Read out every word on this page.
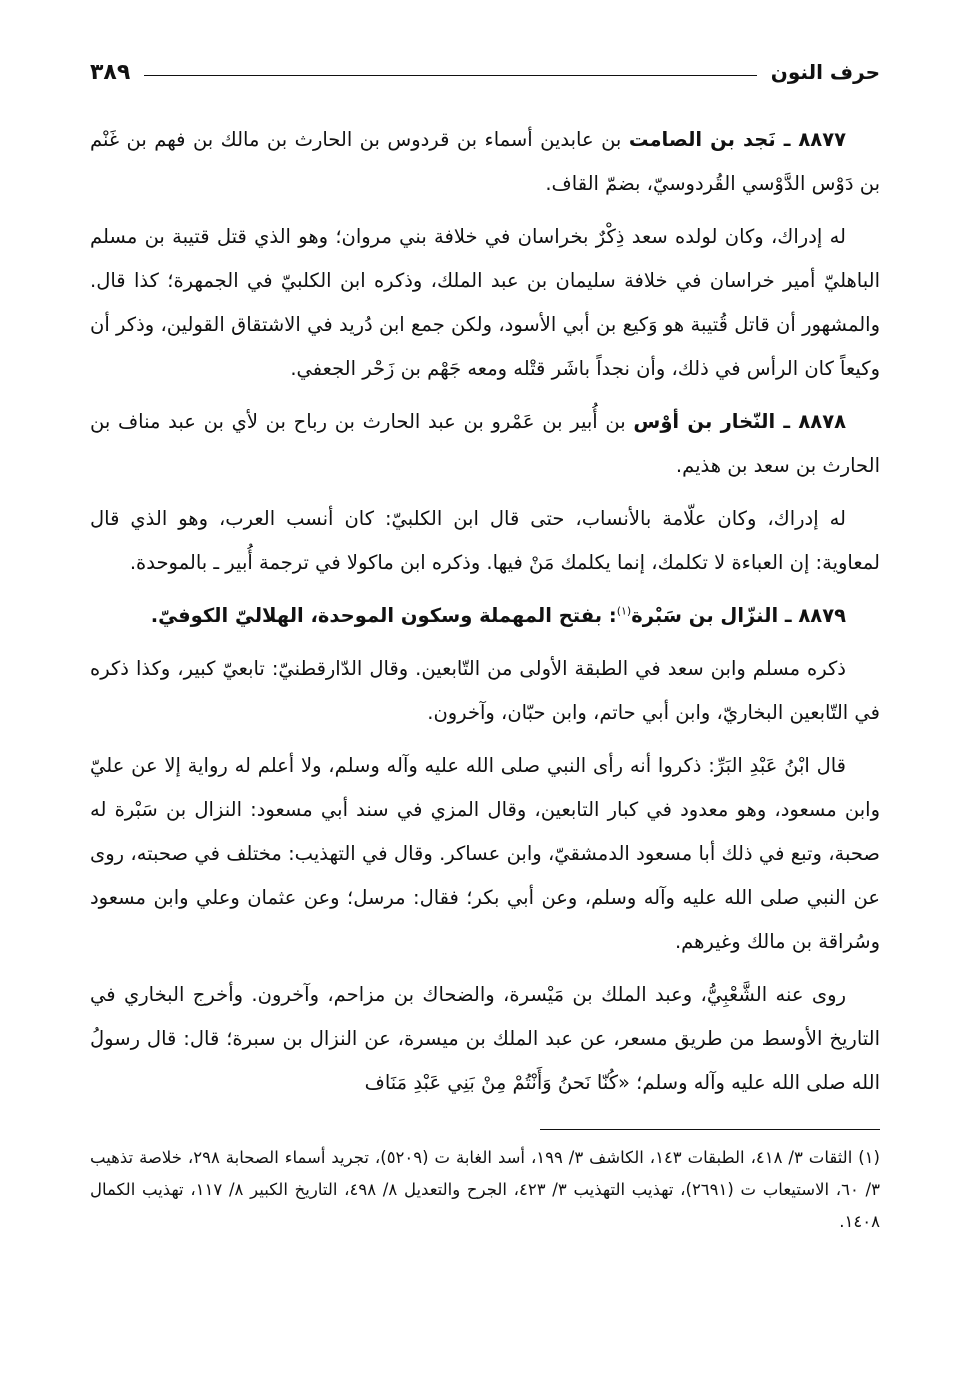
حرف النون
٣٨٩

٨٨٧٧ ـ نَجد بن الصامت بن عابدين أسماء بن قردوس بن الحارث بن مالك بن فهم بن غَنْم بن دَوْس الدَّوْسي القُردوسيّ، بضمّ القاف.

له إدراك، وكان لولده سعد ذِكْرٌ بخراسان في خلافة بني مروان؛ وهو الذي قتل قتيبة بن مسلم الباهليّ أمير خراسان في خلافة سليمان بن عبد الملك، وذكره ابن الكلبيّ في الجمهرة؛ كذا قال. والمشهور أن قاتل قُتيبة هو وَكيع بن أبي الأسود، ولكن جمع ابن دُريد في الاشتقاق القولين، وذكر أن وكيعاً كان الرأس في ذلك، وأن نجداً باشَر قتْله ومعه جَهْم بن زَحْر الجعفي.

٨٨٧٨ ـ النّخار بن أوْس بن أُبير بن عَمْرو بن عبد الحارث بن رباح بن لأي بن عبد مناف بن الحارث بن سعد بن هذيم.

له إدراك، وكان علّامة بالأنساب، حتى قال ابن الكلبيّ: كان أنسب العرب، وهو الذي قال لمعاوية: إن العباءة لا تكلمك، إنما يكلمك مَنْ فيها. وذكره ابن ماكولا في ترجمة أُبير ـ بالموحدة.

٨٨٧٩ ـ النزّال بن سَبْرة$^{(١)}$: بفتح المهملة وسكون الموحدة، الهلاليّ الكوفيّ.

ذكره مسلم وابن سعد في الطبقة الأولى من التّابعين. وقال الدّارقطنيّ: تابعيّ كبير، وكذا ذكره في التّابعين البخاريّ، وابن أبي حاتم، وابن حبّان، وآخرون.

قال ابْنُ عَبْدِ البَرِّ: ذكروا أنه رأى النبي صلى الله عليه وآله وسلم، ولا أعلم له رواية إلا عن عليّ وابن مسعود، وهو معدود في كبار التابعين، وقال المزي في سند أبي مسعود: النزال بن سَبْرة له صحبة، وتبع في ذلك أبا مسعود الدمشقيّ، وابن عساكر. وقال في التهذيب: مختلف في صحبته، روى عن النبي صلى الله عليه وآله وسلم، وعن أبي بكر؛ فقال: مرسل؛ وعن عثمان وعلي وابن مسعود وسُراقة بن مالك وغيرهم.

روى عنه الشَّعْبِيُّ، وعبد الملك بن مَيْسرة، والضحاك بن مزاحم، وآخرون. وأخرج البخاري في التاريخ الأوسط من طريق مسعر، عن عبد الملك بن ميسرة، عن النزال بن سبرة؛ قال: قال رسولُ الله صلى الله عليه وآله وسلم؛ «كُنّا نَحنُ وَأَنْتُمْ مِنْ بَنِي عَبْدِ مَنَاف

(١) الثقات ٣/ ٤١٨، الطبقات ١٤٣، الكاشف ٣/ ١٩٩، أسد الغابة ت (٥٢٠٩)، تجريد أسماء الصحابة ٢٩٨، خلاصة تذهيب ٣/ ٦٠، الاستيعاب ت (٢٦٩١)، تهذيب التهذيب ٣/ ٤٢٣، الجرح والتعديل ٨/ ٤٩٨، التاريخ الكبير ٨/ ١١٧، تهذيب الكمال ١٤٠٨.
